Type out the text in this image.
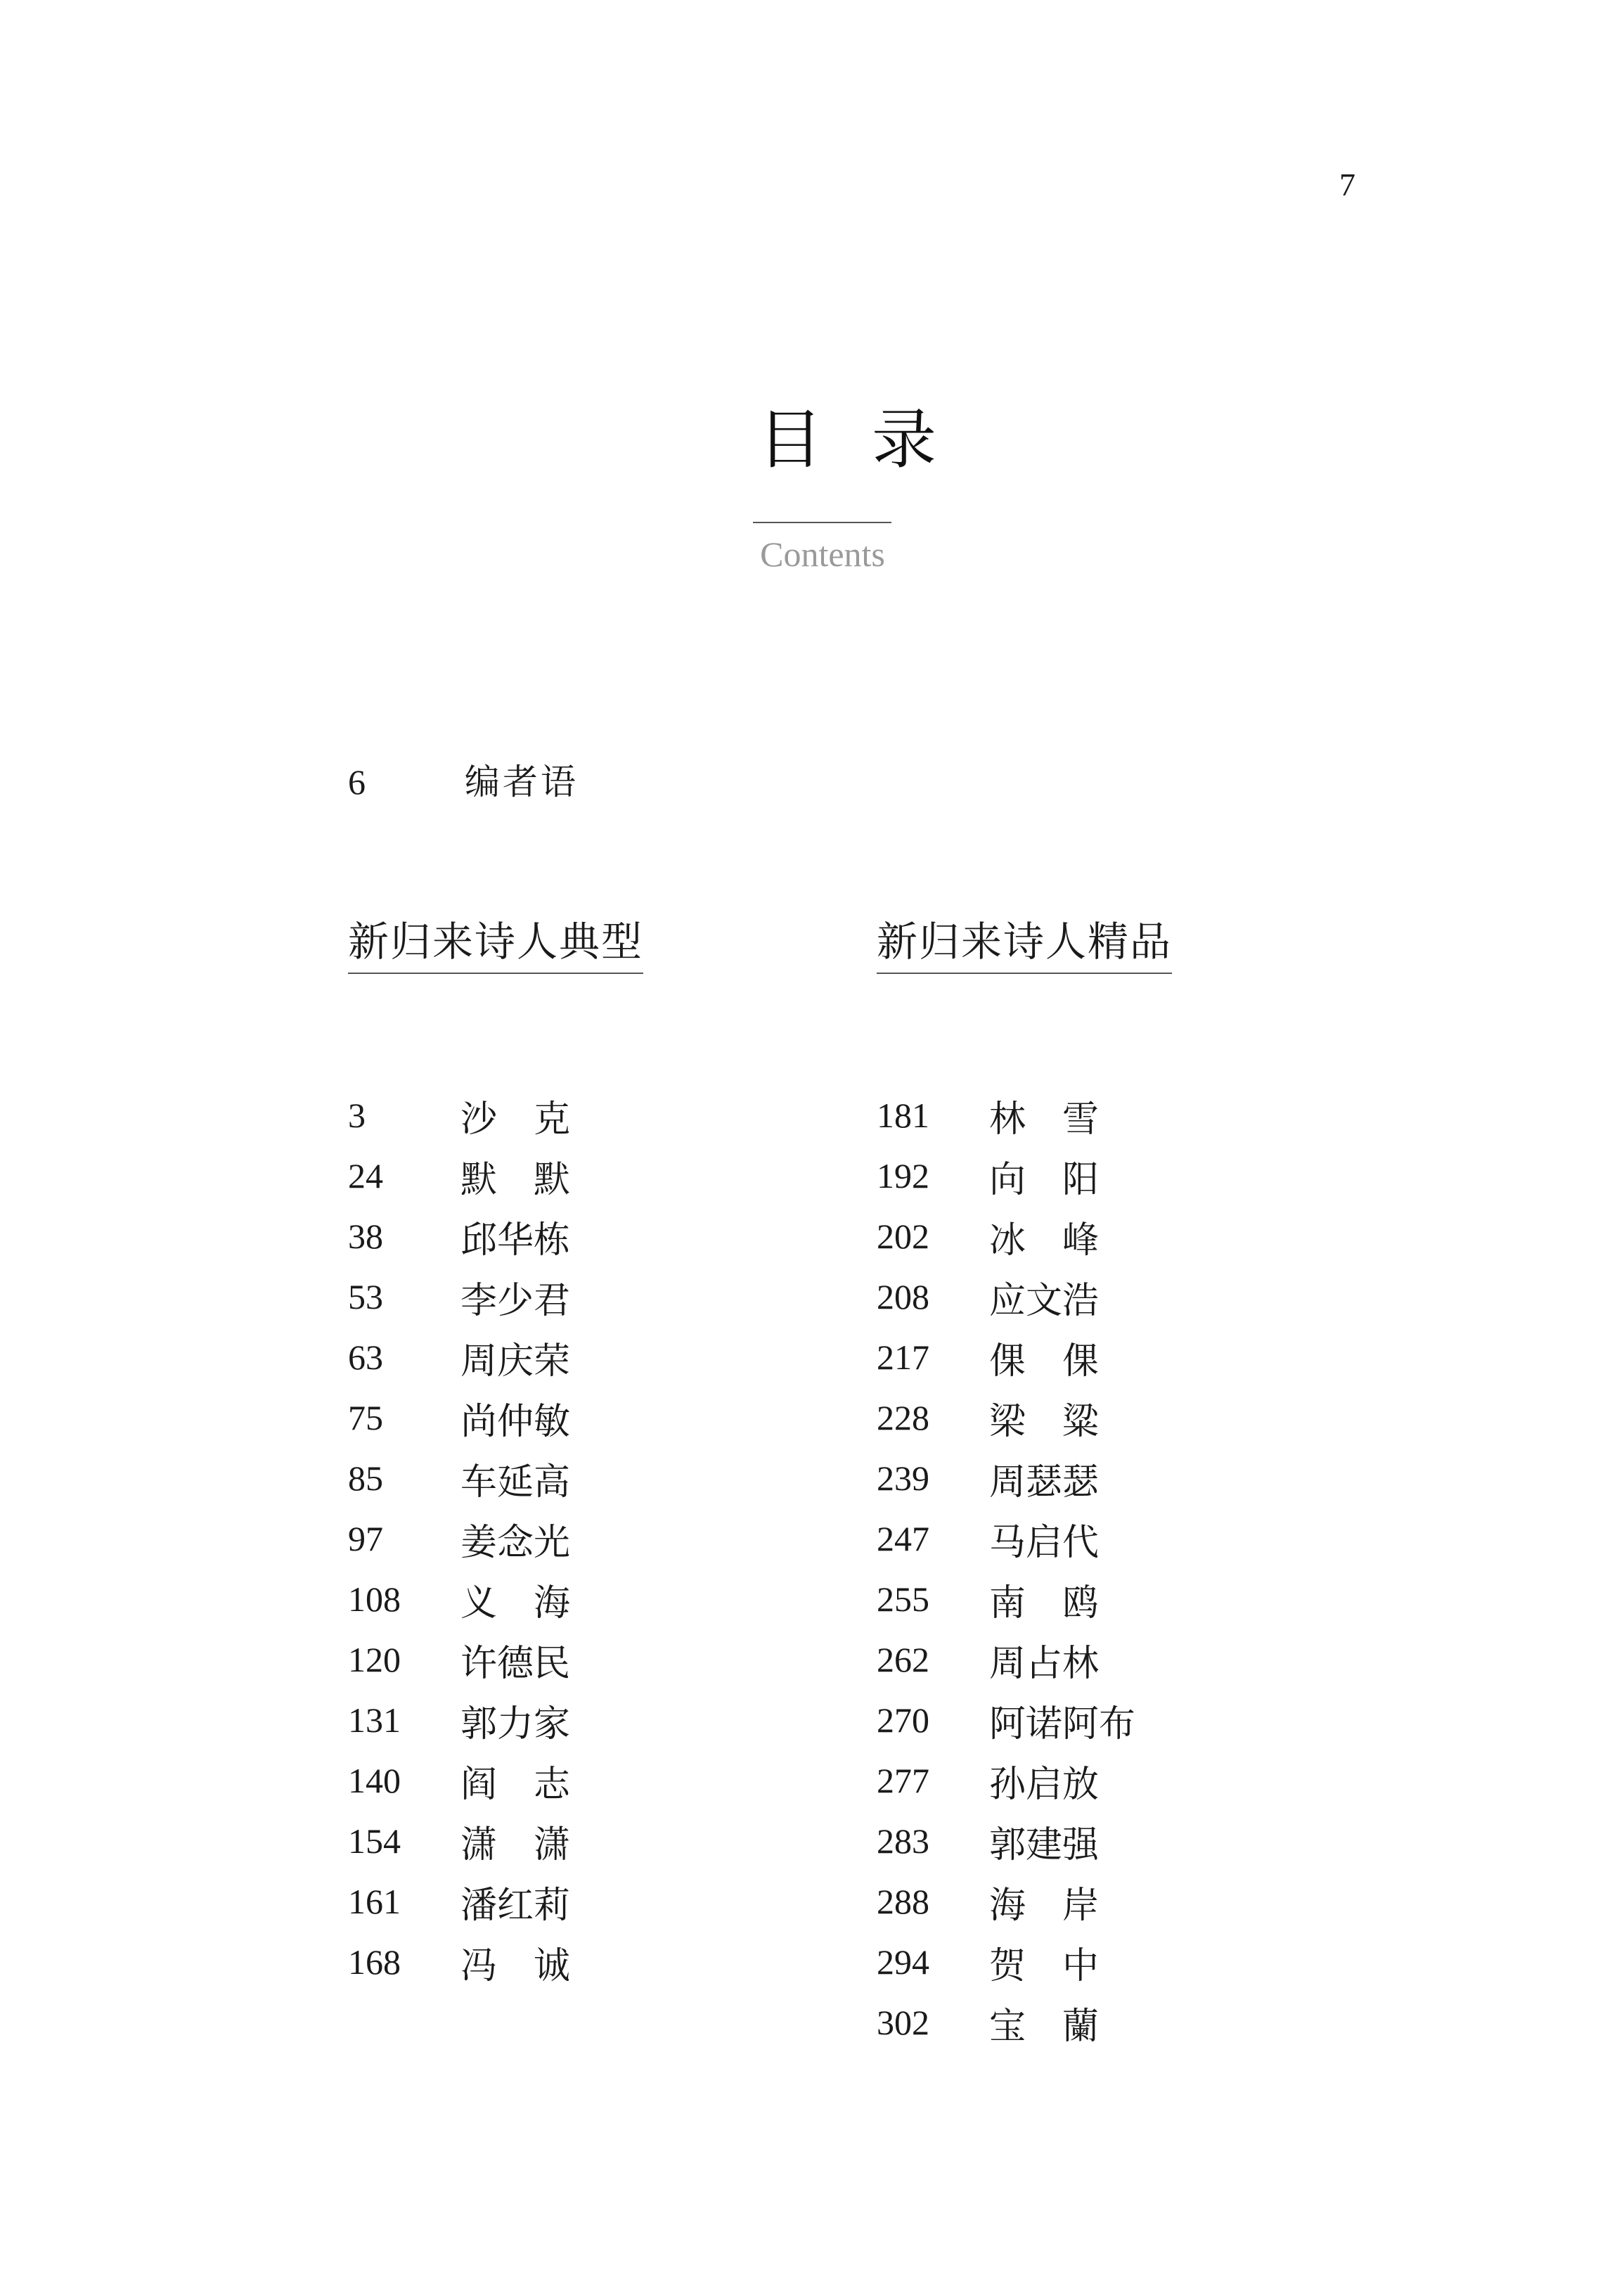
7
目录
Contents
6	编者语
新归来诗人典型	新归来诗人精品
3	沙　克
24	默　默
38	邱华栋
53	李少君
63	周庆荣
75	尚仲敏
85	车延高
97	姜念光
108	义　海
120	许德民
131	郭力家
140	阎　志
154	潇　潇
161	潘红莉
168	冯　诚
181	林　雪
192	向　阳
202	冰　峰
208	应文浩
217	倮　倮
228	梁　粱
239	周瑟瑟
247	马启代
255	南　鸥
262	周占林
270	阿诺阿布
277	孙启放
283	郭建强
288	海　岸
294	贺　中
302	宝　蘭
